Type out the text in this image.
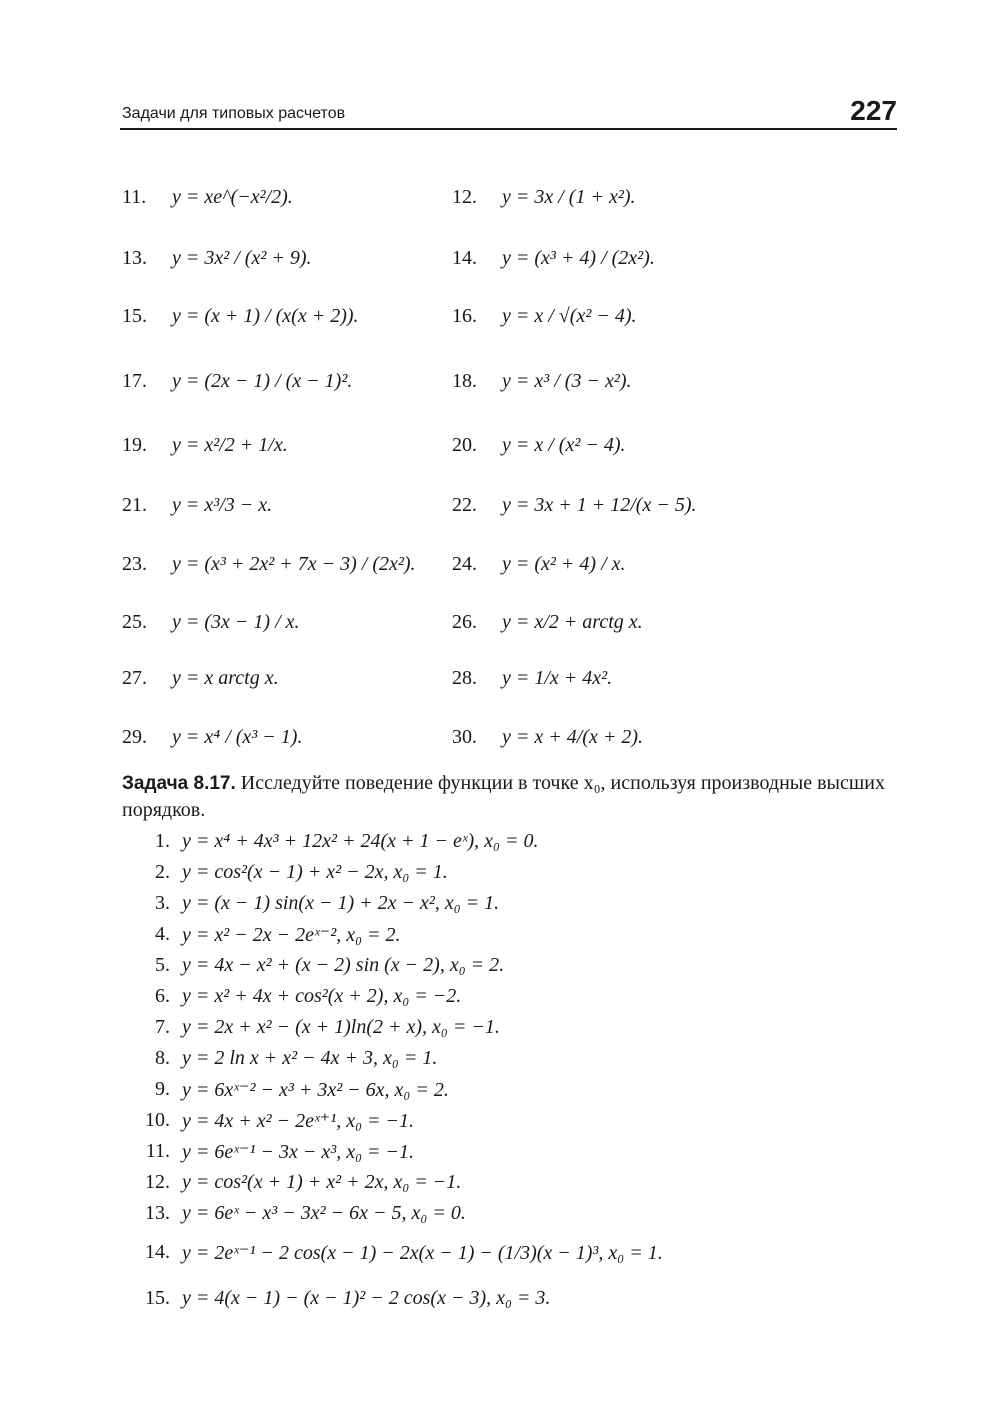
Задачи для типовых расчетов	227
11.	y = xe^(−x²/2).	12.	y = 3x / (1 + x²).
13.	y = 3x² / (x² + 9).	14.	y = (x³ + 4) / (2x²).
15.	y = (x + 1) / (x(x + 2)).	16.	y = x / √(x² − 4).
17.	y = (2x − 1) / (x − 1)².	18.	y = x³ / (3 − x²).
19.	y = x²/2 + 1/x.	20.	y = x / (x² − 4).
21.	y = x³/3 − x.	22.	y = 3x + 1 + 12/(x − 5).
23.	y = (x³ + 2x² + 7x − 3) / (2x²). 24.	y = (x² + 4) / x.
25.	y = (3x − 1) / x.	26.	y = x/2 + arctg x.
27.	y = x arctg x.	28.	y = 1/x + 4x².
29.	y = x⁴ / (x³ − 1).	30.	y = x + 4/(x + 2).
Задача 8.17. Исследуйте поведение функции в точке x₀, используя производные высших порядков.
1. y = x⁴ + 4x³ + 12x² + 24(x + 1 − eˣ), x₀ = 0.
2. y = cos²(x − 1) + x² − 2x, x₀ = 1.
3. y = (x − 1) sin(x − 1) + 2x − x², x₀ = 1.
4. y = x² − 2x − 2eˣ⁻², x₀ = 2.
5. y = 4x − x² + (x − 2) sin (x − 2), x₀ = 2.
6. y = x² + 4x + cos²(x + 2), x₀ = −2.
7. y = 2x + x² − (x + 1)ln(2 + x), x₀ = −1.
8. y = 2 ln x + x² − 4x + 3, x₀ = 1.
9. y = 6xˣ⁻² − x³ + 3x² − 6x, x₀ = 2.
10. y = 4x + x² − 2eˣ⁺¹, x₀ = −1.
11. y = 6eˣ⁻¹ − 3x − x³, x₀ = −1.
12. y = cos²(x + 1) + x² + 2x, x₀ = −1.
13. y = 6eˣ − x³ − 3x² − 6x − 5, x₀ = 0.
14. y = 2eˣ⁻¹ − 2 cos(x − 1) − 2x(x − 1) − (1/3)(x − 1)³, x₀ = 1.
15. y = 4(x − 1) − (x − 1)² − 2 cos(x − 3), x₀ = 3.
